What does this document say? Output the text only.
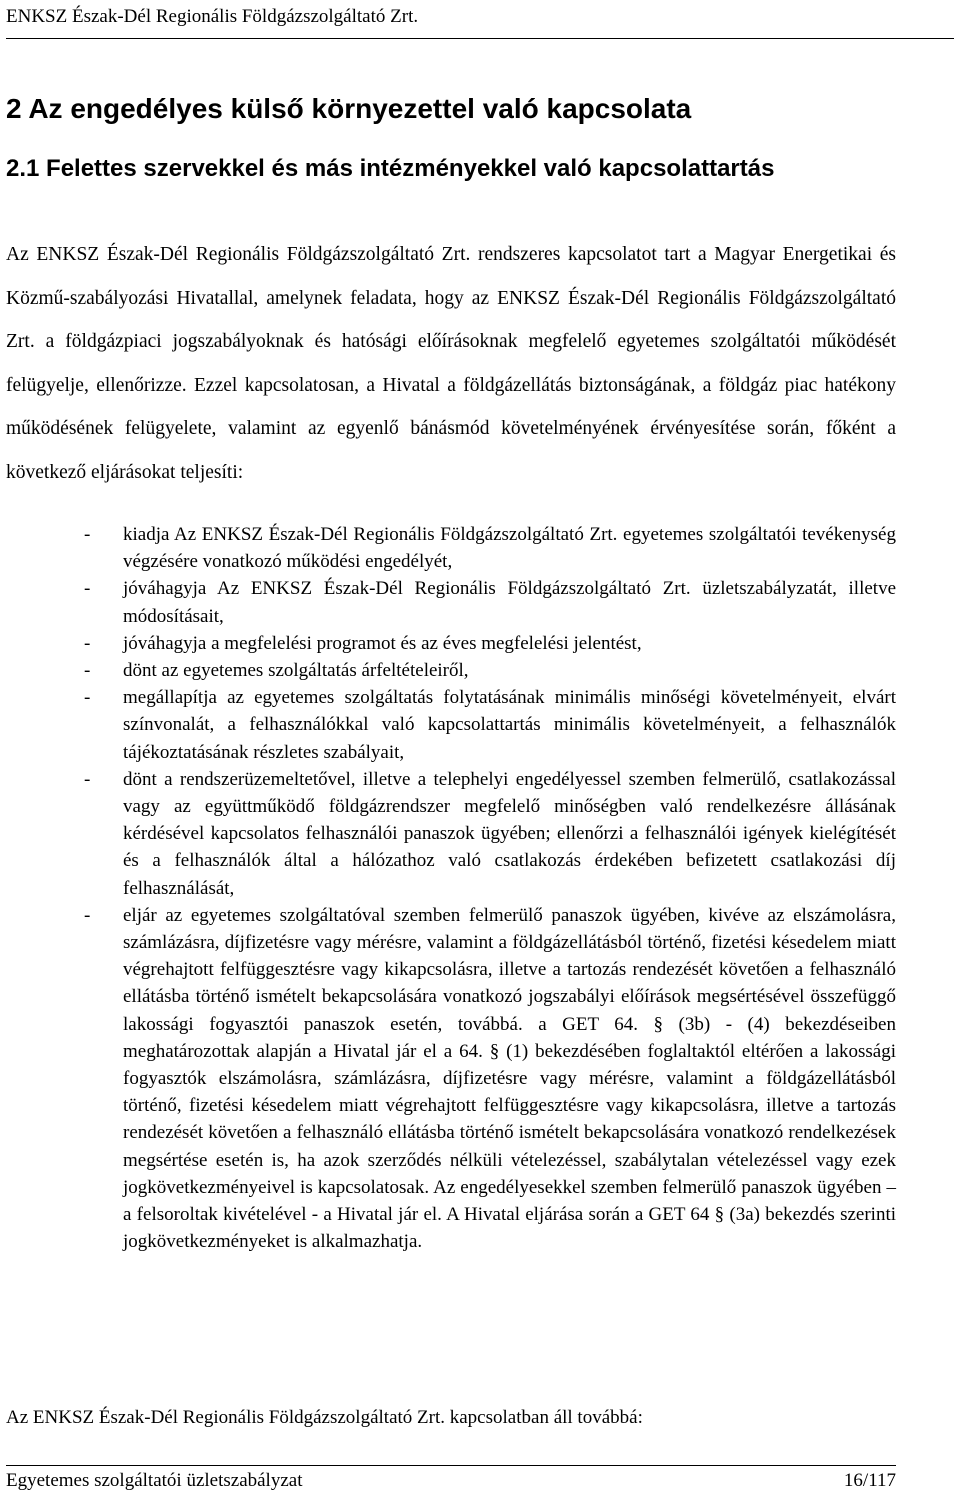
ENKSZ Észak-Dél Regionális Földgázszolgáltató Zrt.
2 Az engedélyes külső környezettel való kapcsolata
2.1 Felettes szervekkel és más intézményekkel való kapcsolattartás

Az ENKSZ Észak-Dél Regionális Földgázszolgáltató Zrt. rendszeres kapcsolatot tart a Magyar Energetikai és Közmű-szabályozási Hivatallal, amelynek feladata, hogy az ENKSZ Észak-Dél Regionális Földgázszolgáltató Zrt. a földgázpiaci jogszabályoknak és hatósági előírásoknak megfelelő egyetemes szolgáltatói működését felügyelje, ellenőrizze. Ezzel kapcsolatosan, a Hivatal a földgázellátás biztonságának, a földgáz piac hatékony működésének felügyelete, valamint az egyenlő bánásmód követelményének érvényesítése során, főként a következő eljárásokat teljesíti:

- kiadja Az ENKSZ Észak-Dél Regionális Földgázszolgáltató Zrt. egyetemes szolgáltatói tevékenység végzésére vonatkozó működési engedélyét,
- jóváhagyja Az ENKSZ Észak-Dél Regionális Földgázszolgáltató Zrt. üzletszabályzatát, illetve módosításait,
- jóváhagyja a megfelelési programot és az éves megfelelési jelentést,
- dönt az egyetemes szolgáltatás árfeltételeiről,
- megállapítja az egyetemes szolgáltatás folytatásának minimális minőségi követelményeit, elvárt színvonalát, a felhasználókkal való kapcsolattartás minimális követelményeit, a felhasználók tájékoztatásának részletes szabályait,
- dönt a rendszerüzemeltetővel, illetve a telephelyi engedélyessel szemben felmerülő, csatlakozással vagy az együttműködő földgázrendszer megfelelő minőségben való rendelkezésre állásának kérdésével kapcsolatos felhasználói panaszok ügyében; ellenőrzi a felhasználói igények kielégítését és a felhasználók által a hálózathoz való csatlakozás érdekében befizetett csatlakozási díj felhasználását,
- eljár az egyetemes szolgáltatóval szemben felmerülő panaszok ügyében, kivéve az elszámolásra, számlázásra, díjfizetésre vagy mérésre, valamint a földgázellátásból történő, fizetési késedelem miatt végrehajtott felfüggesztésre vagy kikapcsolásra, illetve a tartozás rendezését követően a felhasználó ellátásba történő ismételt bekapcsolására vonatkozó jogszabályi előírások megsértésével összefüggő lakossági fogyasztói panaszok esetén, továbbá. a GET 64. § (3b) - (4) bekezdéseiben meghatározottak alapján a Hivatal jár el a 64. § (1) bekezdésében foglaltaktól eltérően a lakossági fogyasztók elszámolásra, számlázásra, díjfizetésre vagy mérésre, valamint a földgázellátásból történő, fizetési késedelem miatt végrehajtott felfüggesztésre vagy kikapcsolásra, illetve a tartozás rendezését követően a felhasználó ellátásba történő ismételt bekapcsolására vonatkozó rendelkezések megsértése esetén is, ha azok szerződés nélküli vételezéssel, szabálytalan vételezéssel vagy ezek jogkövetkezményeivel is kapcsolatosak. Az engedélyesekkel szemben felmerülő panaszok ügyében – a felsoroltak kivételével - a Hivatal jár el. A Hivatal eljárása során a GET 64 § (3a) bekezdés szerinti jogkövetkezményeket is alkalmazhatja.

Az ENKSZ Észak-Dél Regionális Földgázszolgáltató Zrt. kapcsolatban áll továbbá:

Egyetemes szolgáltatói üzletszabályzat	16/117
